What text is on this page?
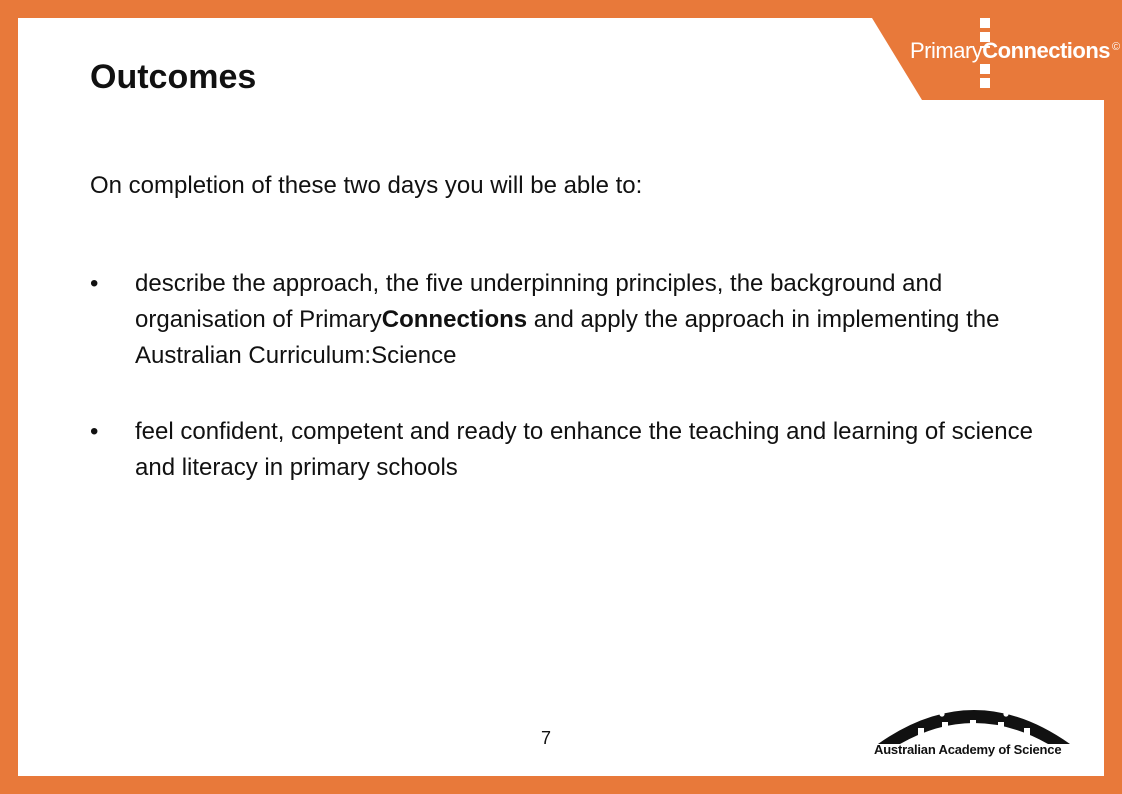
PrimaryConnections ©
Outcomes

On completion of these two days you will be able to:

• describe the approach, the five underpinning principles, the background and organisation of PrimaryConnections and apply the approach in implementing the Australian Curriculum:Science
• feel confident, competent and ready to enhance the teaching and learning of science and literacy in primary schools
7
Australian Academy of Science
